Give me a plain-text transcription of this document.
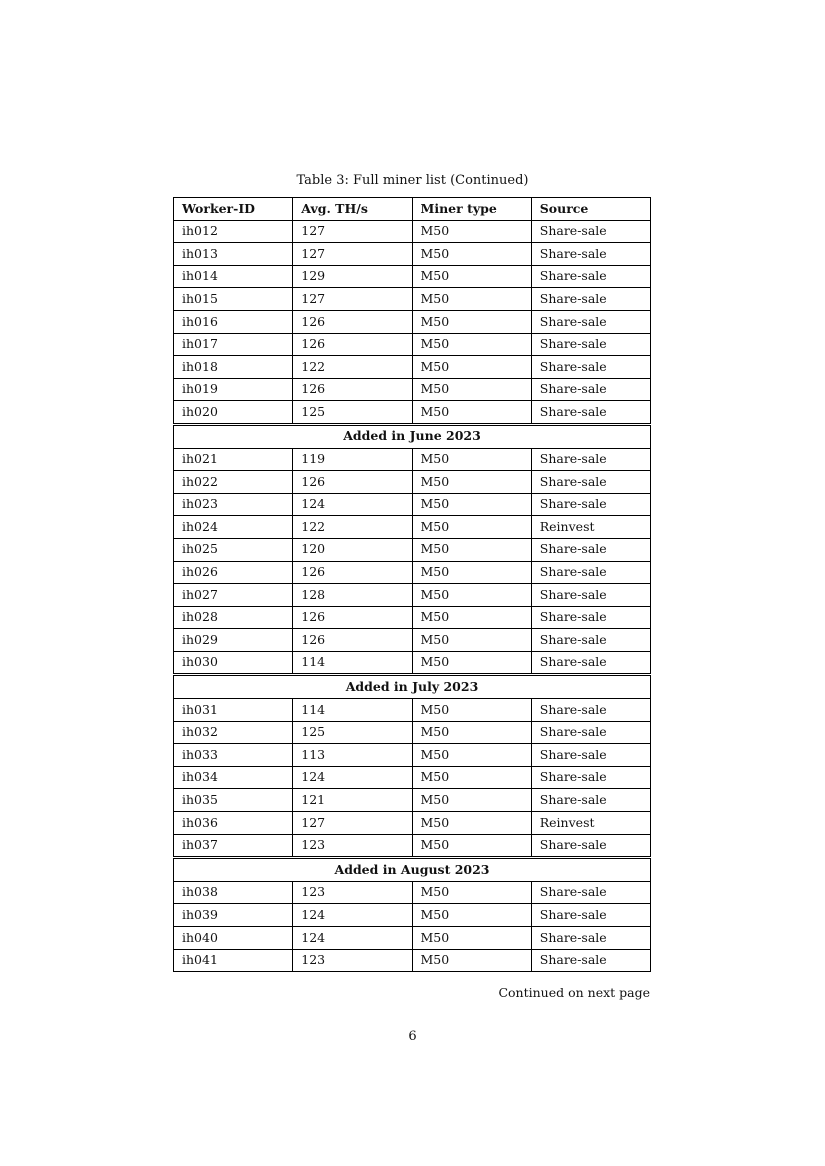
Table 3: Full miner list (Continued)
Worker-ID	Avg. TH/s	Miner type	Source
ih012	127	M50	Share-sale
ih013	127	M50	Share-sale
ih014	129	M50	Share-sale
ih015	127	M50	Share-sale
ih016	126	M50	Share-sale
ih017	126	M50	Share-sale
ih018	122	M50	Share-sale
ih019	126	M50	Share-sale
ih020	125	M50	Share-sale

Added in June 2023			
ih021	119	M50	Share-sale
ih022	126	M50	Share-sale
ih023	124	M50	Share-sale
ih024	122	M50	Reinvest
ih025	120	M50	Share-sale
ih026	126	M50	Share-sale
ih027	128	M50	Share-sale
ih028	126	M50	Share-sale
ih029	126	M50	Share-sale
ih030	114	M50	Share-sale

Added in July 2023			
ih031	114	M50	Share-sale
ih032	125	M50	Share-sale
ih033	113	M50	Share-sale
ih034	124	M50	Share-sale
ih035	121	M50	Share-sale
ih036	127	M50	Reinvest
ih037	123	M50	Share-sale

Added in August 2023			
ih038	123	M50	Share-sale
ih039	124	M50	Share-sale
ih040	124	M50	Share-sale
ih041	123	M50	Share-sale
Continued on next page
6
